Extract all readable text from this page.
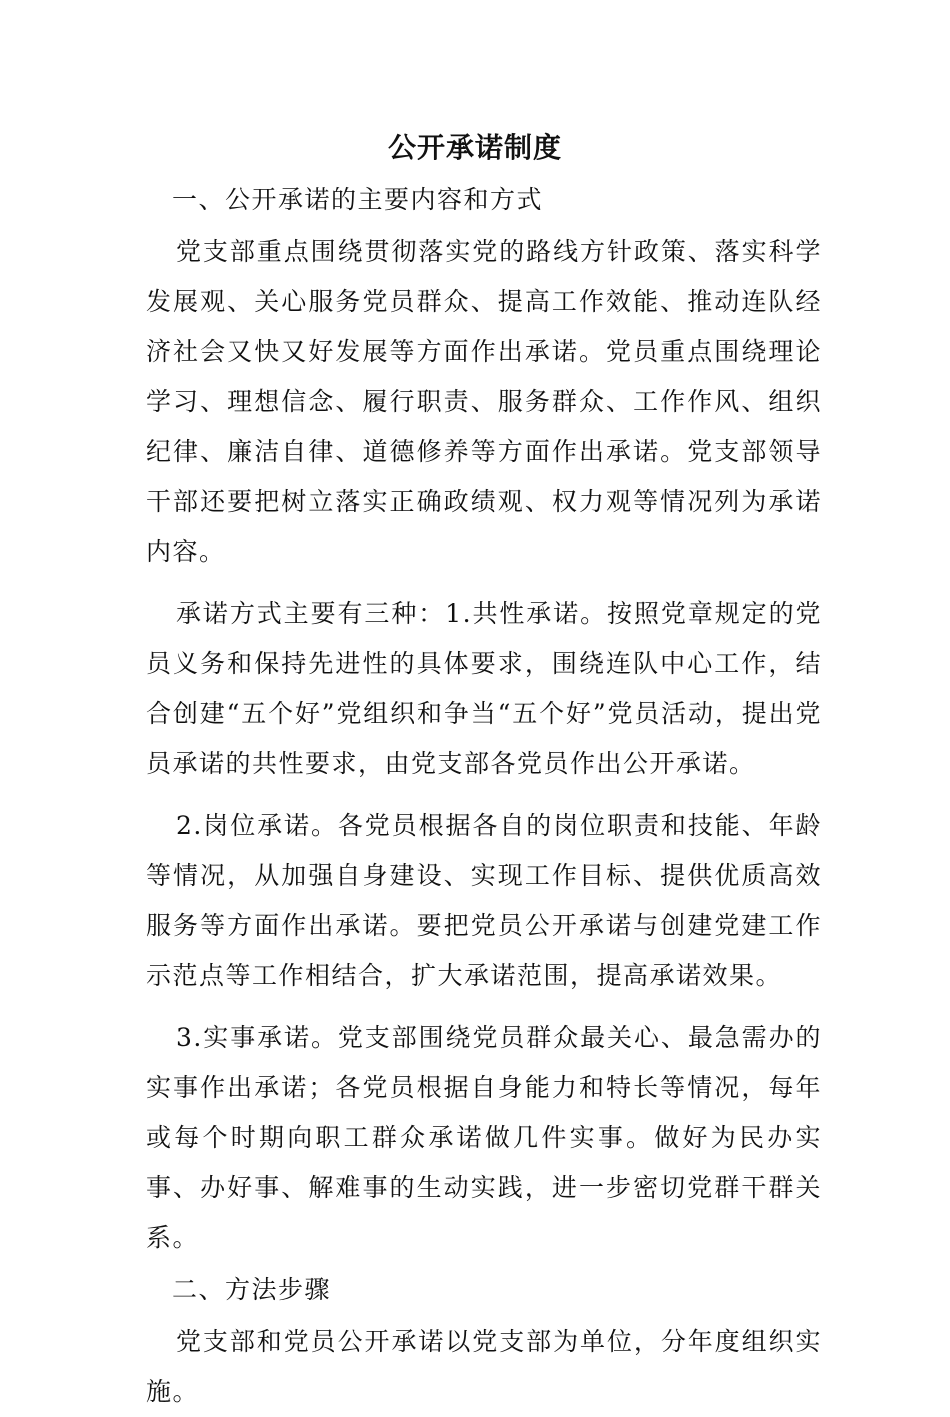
公开承诺制度

一、公开承诺的主要内容和方式

党支部重点围绕贯彻落实党的路线方针政策、落实科学发展观、关心服务党员群众、提高工作效能、推动连队经济社会又快又好发展等方面作出承诺。党员重点围绕理论学习、理想信念、履行职责、服务群众、工作作风、组织纪律、廉洁自律、道德修养等方面作出承诺。党支部领导干部还要把树立落实正确政绩观、权力观等情况列为承诺内容。

承诺方式主要有三种：1.共性承诺。按照党章规定的党员义务和保持先进性的具体要求，围绕连队中心工作，结合创建“五个好”党组织和争当“五个好”党员活动，提出党员承诺的共性要求，由党支部各党员作出公开承诺。

2.岗位承诺。各党员根据各自的岗位职责和技能、年龄等情况，从加强自身建设、实现工作目标、提供优质高效服务等方面作出承诺。要把党员公开承诺与创建党建工作示范点等工作相结合，扩大承诺范围，提高承诺效果。

3.实事承诺。党支部围绕党员群众最关心、最急需办的实事作出承诺；各党员根据自身能力和特长等情况，每年或每个时期向职工群众承诺做几件实事。做好为民办实事、办好事、解难事的生动实践，进一步密切党群干群关系。

二、方法步骤

党支部和党员公开承诺以党支部为单位，分年度组织实施。
